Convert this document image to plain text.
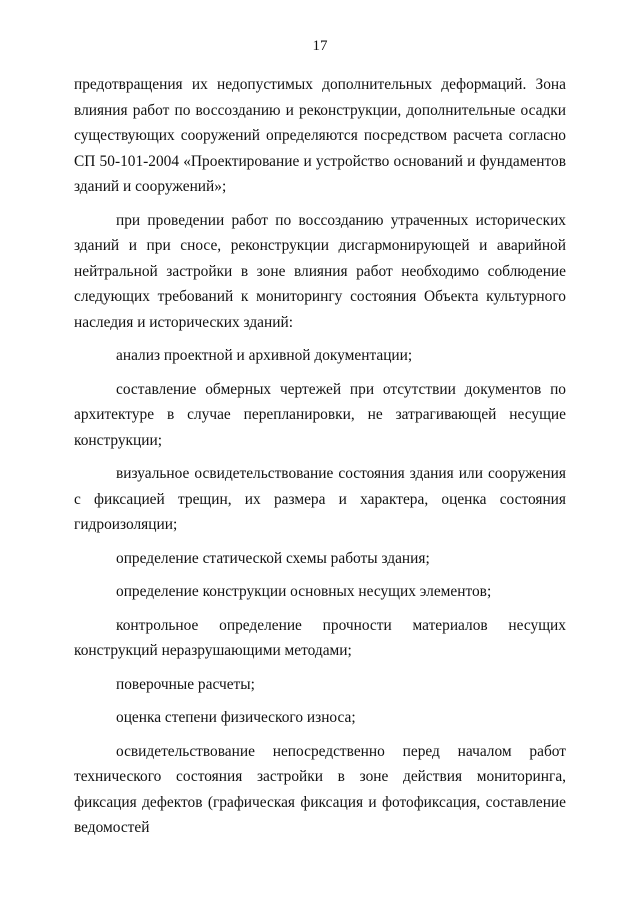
17

предотвращения их недопустимых дополнительных деформаций. Зона влияния работ по воссозданию и реконструкции, дополнительные осадки существующих сооружений определяются посредством расчета согласно СП 50-101-2004 «Проектирование и устройство оснований и фундаментов зданий и сооружений»;

при проведении работ по воссозданию утраченных исторических зданий и при сносе, реконструкции дисгармонирующей и аварийной нейтральной застройки в зоне влияния работ необходимо соблюдение следующих требований к мониторингу состояния Объекта культурного наследия и исторических зданий:

анализ проектной и архивной документации;

составление обмерных чертежей при отсутствии документов по архитектуре в случае перепланировки, не затрагивающей несущие конструкции;

визуальное освидетельствование состояния здания или сооружения с фиксацией трещин, их размера и характера, оценка состояния гидроизоляции;

определение статической схемы работы здания;

определение конструкции основных несущих элементов;

контрольное определение прочности материалов несущих конструкций неразрушающими методами;

поверочные расчеты;

оценка степени физического износа;

освидетельствование непосредственно перед началом работ технического состояния застройки в зоне действия мониторинга, фиксация дефектов (графическая фиксация и фотофиксация, составление ведомостей
